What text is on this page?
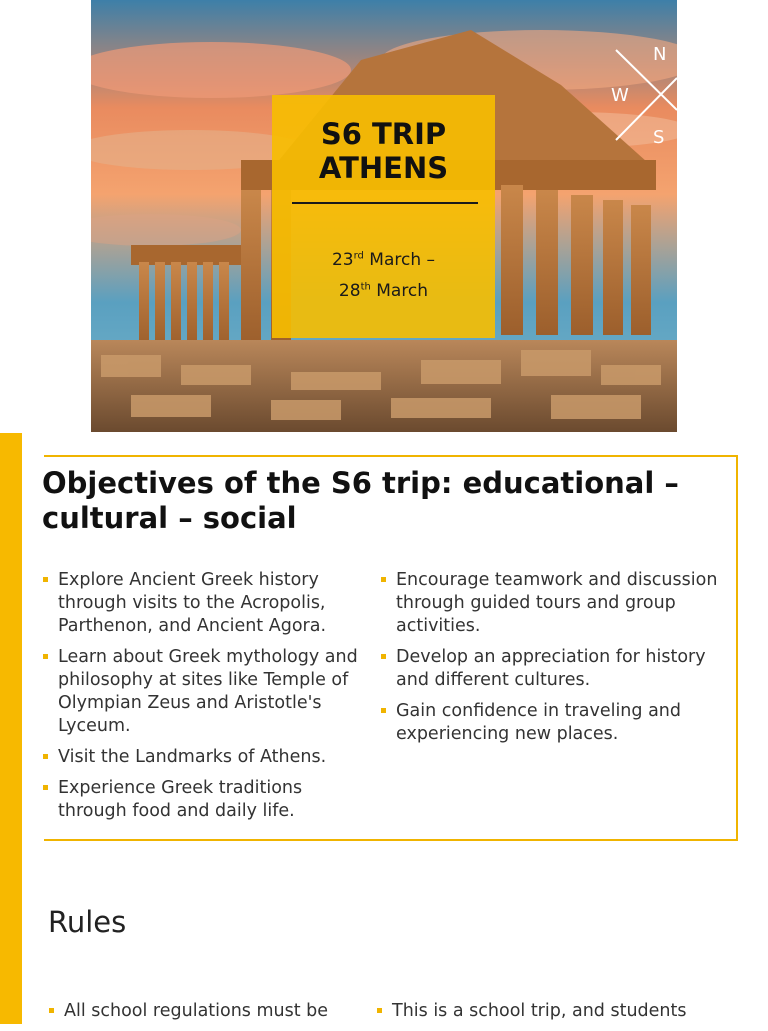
N
W
S
S6 TRIP
ATHENS
23rd March –
28th March
Objectives of the S6 trip: educational – cultural – social
Explore Ancient Greek history through visits to the Acropolis, Parthenon, and Ancient Agora.
Learn about Greek mythology and philosophy at sites like Temple of Olympian Zeus and Aristotle's Lyceum.
Visit the Landmarks of Athens.
Experience Greek traditions through food and daily life.
Encourage teamwork and discussion through guided tours and group activities.
Develop an appreciation for history and different cultures.
Gain confidence in traveling and experiencing new places.
Rules
All school regulations must be	This is a school trip, and students
